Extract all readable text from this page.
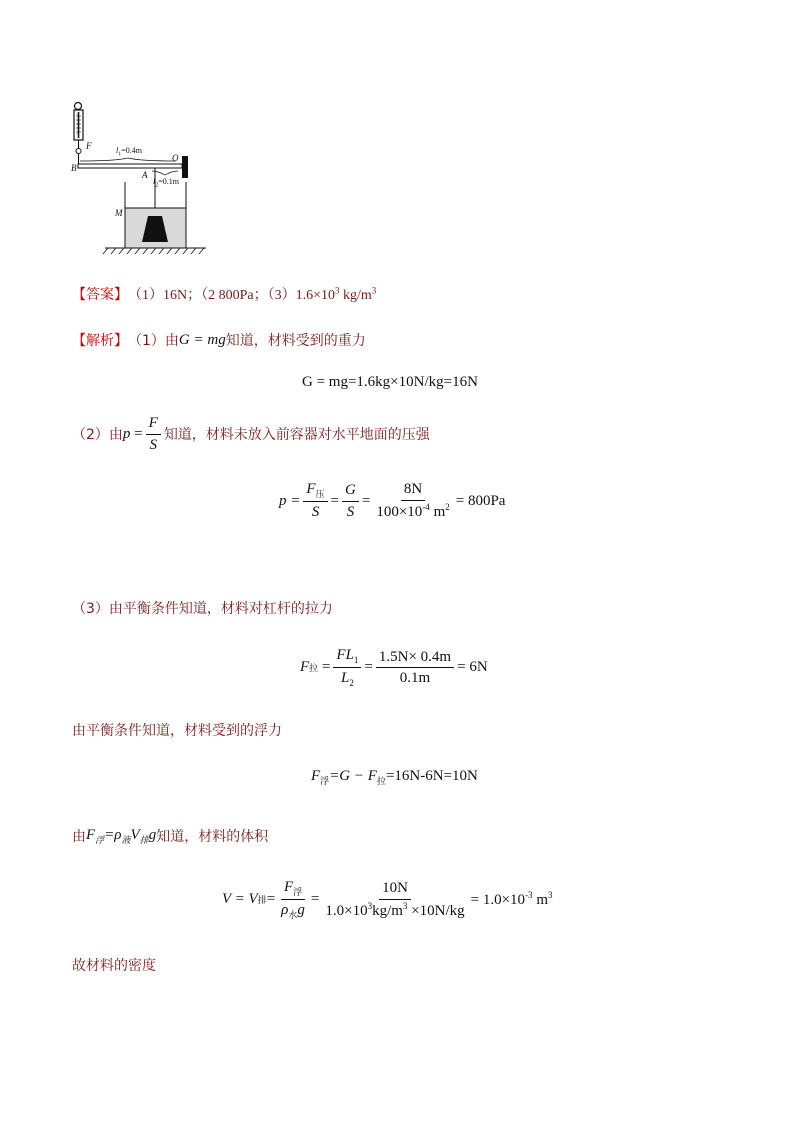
F
B
$l_1=0.4m$
O
A
$l_2=0.1m$
M
【答案】 （1）16N；（2 800Pa；$(3)1.6\times 10^3$ $kg/m^3$
【解析】 （1）由 G = mg 知道，材料受到的重力
G = mg=1.6kg×10N/kg=16N
（2）由 $p = \frac{F}{S}$ 知道，材料未放入前容器对水平地面的压强
$p = \frac{F_压}{S} = \frac{G}{S} = \frac{8N}{100\times 10^{-4} m^2} = 800Pa$
（3）由平衡条件知道，材料对杠杆的拉力
F 拉 = $\frac{FL_1}{L_2} = \frac{1.5N\times 0.4m}{0.1m} = 6N$
由平衡条件知道，材料受到的浮力
$F_浮=G - F_拉=16N-6N=10N$
由 $F_浮=\rho_液V_排g$ 知道，材料的体积
V = V 排 = $\frac{F_浮}{\rho_水g} = \frac{10N}{1.0\times 10^3kg/m^3 \times 10N/kg} = 1.0\times 10^{-3}$ $m^3$
故材料的密度
